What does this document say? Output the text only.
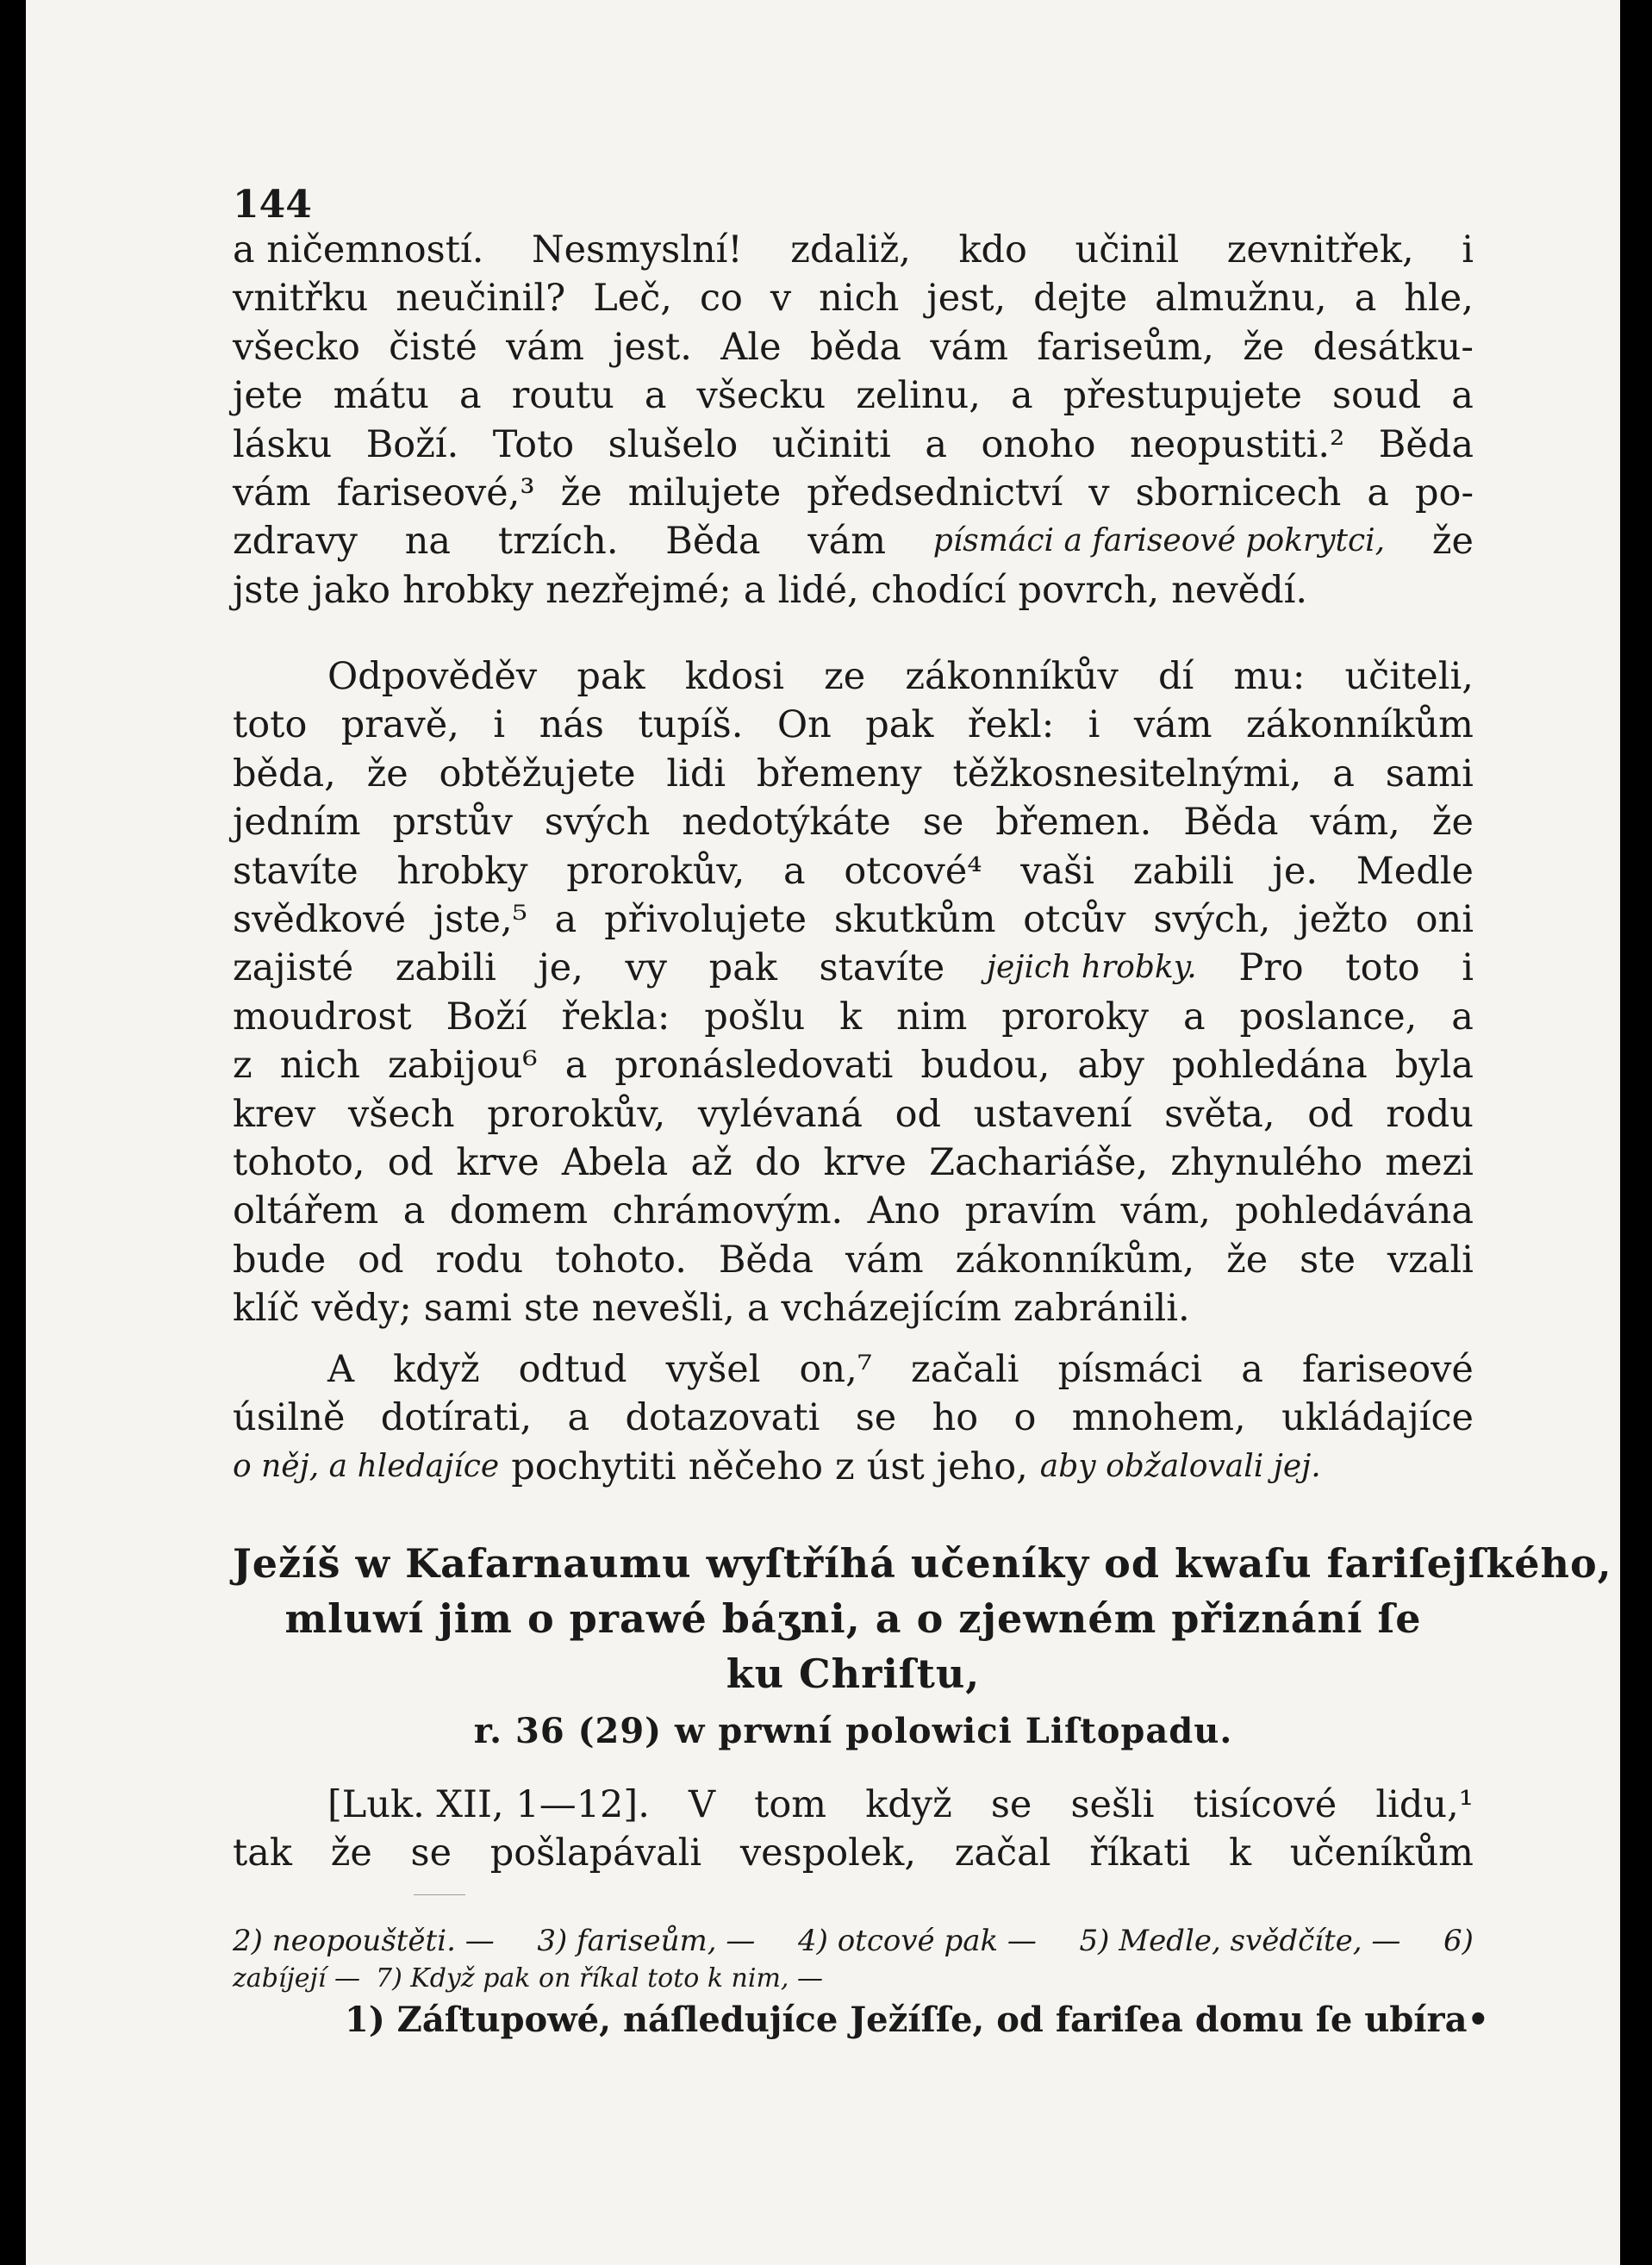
144
a ničemností. Nesmyslní! zdaliž, kdo učinil zevnitřek, i
vnitřku neučinil? Leč, co v nich jest, dejte almužnu, a hle,
všecko čisté vám jest. Ale běda vám fariseům, že desátku-
jete mátu a routu a všecku zelinu, a přestupujete soud a
lásku Boží. Toto slušelo učiniti a onoho neopustiti.² Běda
vám fariseové,³ že milujete předsednictví v sbornicech a po-
zdravy na trzích. Běda vám písmáci a fariseové pokrytci, že
jste jako hrobky nezřejmé; a lidé, chodící povrch, nevědí.
Odpověděv pak kdosi ze zákonníkův dí mu: učiteli,
toto pravě, i nás tupíš. On pak řekl: i vám zákonníkům
běda, že obtěžujete lidi břemeny těžkosnesitelnými, a sami
jedním prstův svých nedotýkáte se břemen. Běda vám, že
stavíte hrobky prorokův, a otcové⁴ vaši zabili je. Medle
svědkové jste,⁵ a přivolujete skutkům otcův svých, ježto oni
zajisté zabili je, vy pak stavíte jejich hrobky. Pro toto i
moudrost Boží řekla: pošlu k nim proroky a poslance, a
z nich zabijou⁶ a pronásledovati budou, aby pohledána byla
krev všech prorokův, vylévaná od ustavení světa, od rodu
tohoto, od krve Abela až do krve Zachariáše, zhynulého mezi
oltářem a domem chrámovým. Ano pravím vám, pohledávána
bude od rodu tohoto. Běda vám zákonníkům, že ste vzali
klíč vědy; sami ste nevešli, a vcházejícím zabránili.
A když odtud vyšel on,⁷ začali písmáci a fariseové
úsilně dotírati, a dotazovati se ho o mnohem, ukládajíce
o něj, a hledajíce pochytiti něčeho z úst jeho, aby obžalovali jej.
Ježíš w Kafarnaumu wyſtříhá učeníky od kwaſu fariſejſkého,
mluwí jim o prawé báʒni, a o zjewném přiznání ſe
ku Chriſtu,
r. 36 (29) w prwní polowici Liſtopadu.
[Luk. XII, 1—12]. V tom když se sešli tisícové lidu,¹
tak že se pošlapávali vespolek, začal říkati k učeníkům
2) neopouštěti. — 3) fariseům, — 4) otcové pak — 5) Medle, svědčíte, — 6)
zabíjejí — 7) Když pak on říkal toto k nim, —
1) Záſtupowé, náſledujíce Ježíſſe, od fariſea domu ſe ubíra•
